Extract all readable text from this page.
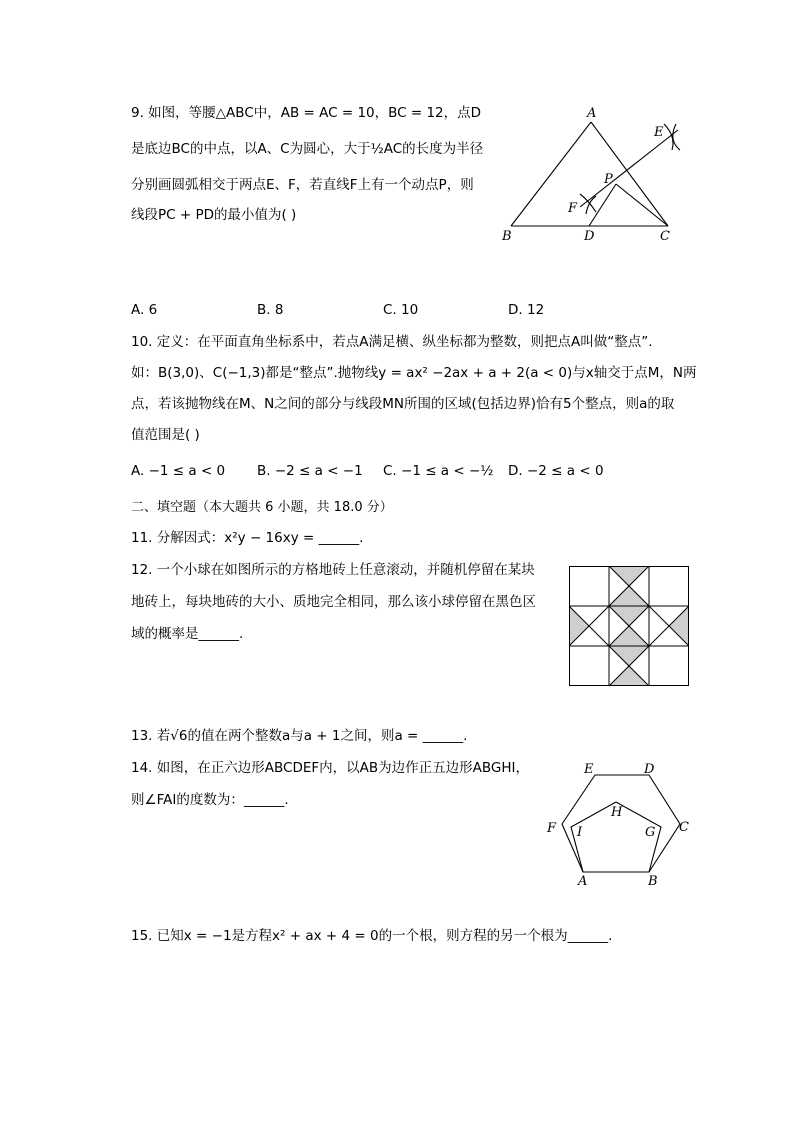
9. 如图，等腰△ABC中，AB = AC = 10，BC = 12，点D
是底边BC的中点，以A、C为圆心，大于½AC的长度为半径
分别画圆弧相交于两点E、F，若直线F上有一个动点P，则
线段PC + PD的最小值为( )
A
B	D	C
E
F
P
A. 6	B. 8	C. 10	D. 12
10. 定义：在平面直角坐标系中，若点A满足横、纵坐标都为整数，则把点A叫做“整点”.
如：B(3,0)、C(−1,3)都是“整点”.抛物线y = ax² −2ax + a + 2(a < 0)与x轴交于点M，N两
点，若该抛物线在M、N之间的部分与线段MN所围的区域(包括边界)恰有5个整点，则a的取
值范围是( )
A. −1 ≤ a < 0 B. −2 ≤ a < −1 C. −1 ≤ a < −½ D. −2 ≤ a < 0
二、填空题（本大题共 6 小题，共 18.0 分）
11. 分解因式：x²y − 16xy = ______.
12. 一个小球在如图所示的方格地砖上任意滚动，并随机停留在某块
地砖上，每块地砖的大小、质地完全相同，那么该小球停留在黑色区
域的概率是______.
13. 若√6的值在两个整数a与a + 1之间，则a = ______.
14. 如图，在正六边形ABCDEF内，以AB为边作正五边形ABGHI，
则∠FAI的度数为：______.
A	B
C
D
E
F	G
H
I
15. 已知x = −1是方程x² + ax + 4 = 0的一个根，则方程的另一个根为______.
